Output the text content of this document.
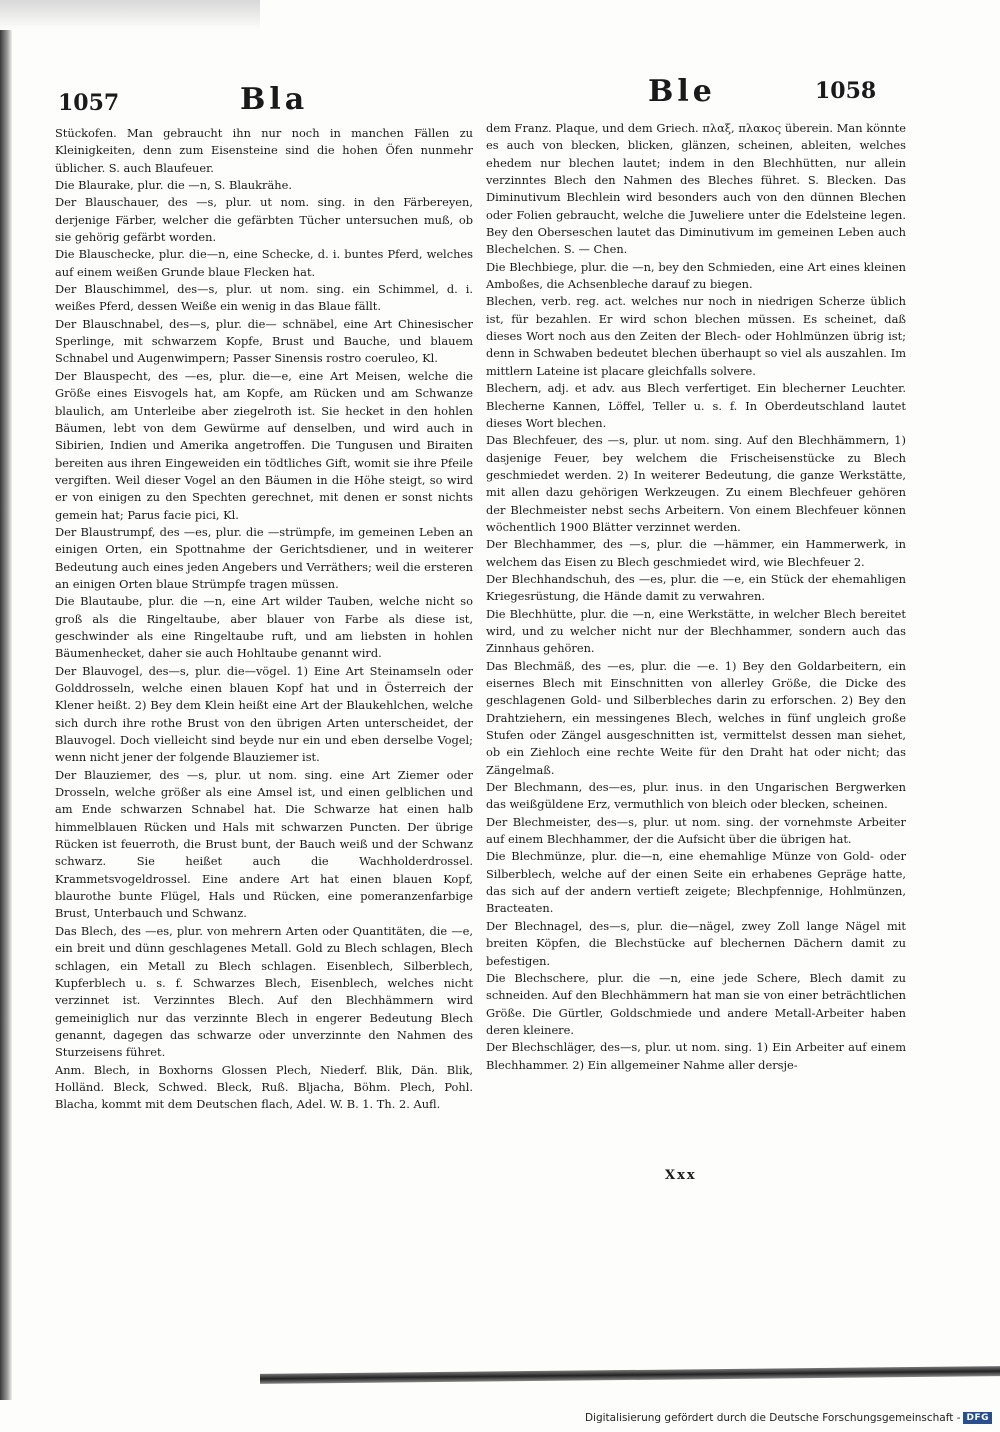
1057	Bla	Ble	1058

Stückofen. Man gebraucht ihn nur noch in manchen Fällen zu Kleinigkeiten, denn zum Eisensteine sind die hohen Öfen nunmehr üblicher. S. auch Blaufeuer.

Die Blaurake, plur. die —n, S. Blaukrähe.

Der Blauschauer, des —s, plur. ut nom. sing. in den Färbereyen, derjenige Färber, welcher die gefärbten Tücher untersuchen muß, ob sie gehörig gefärbt worden.

Die Blauschecke, plur. die—n, eine Schecke, d. i. buntes Pferd, welches auf einem weißen Grunde blaue Flecken hat.

Der Blauschimmel, des—s, plur. ut nom. sing. ein Schimmel, d. i. weißes Pferd, dessen Weiße ein wenig in das Blaue fällt.

Der Blauschnabel, des—s, plur. die— schnäbel, eine Art Chinesischer Sperlinge, mit schwarzem Kopfe, Brust und Bauche, und blauem Schnabel und Augenwimpern; Passer Sinensis rostro coeruleo, Kl.

Der Blauspecht, des —es, plur. die—e, eine Art Meisen, welche die Größe eines Eisvogels hat, am Kopfe, am Rücken und am Schwanze blaulich, am Unterleibe aber ziegelroth ist. Sie hecket in den hohlen Bäumen, lebt von dem Gewürme auf denselben, und wird auch in Sibirien, Indien und Amerika angetroffen. Die Tungusen und Biraiten bereiten aus ihren Eingeweiden ein tödtliches Gift, womit sie ihre Pfeile vergiften. Weil dieser Vogel an den Bäumen in die Höhe steigt, so wird er von einigen zu den Spechten gerechnet, mit denen er sonst nichts gemein hat; Parus facie pici, Kl.

Der Blaustrumpf, des —es, plur. die —strümpfe, im gemeinen Leben an einigen Orten, ein Spottnahme der Gerichtsdiener, und in weiterer Bedeutung auch eines jeden Angebers und Verräthers; weil die ersteren an einigen Orten blaue Strümpfe tragen müssen.

Die Blautaube, plur. die —n, eine Art wilder Tauben, welche nicht so groß als die Ringeltaube, aber blauer von Farbe als diese ist, geschwinder als eine Ringeltaube ruft, und am liebsten in hohlen Bäumenhecket, daher sie auch Hohltaube genannt wird.

Der Blauvogel, des—s, plur. die—vögel. 1) Eine Art Steinamseln oder Golddrosseln, welche einen blauen Kopf hat und in Österreich der Klener heißt. 2) Bey dem Klein heißt eine Art der Blaukehlchen, welche sich durch ihre rothe Brust von den übrigen Arten unterscheidet, der Blauvogel. Doch vielleicht sind beyde nur ein und eben derselbe Vogel; wenn nicht jener der folgende Blauziemer ist.

Der Blauziemer, des —s, plur. ut nom. sing. eine Art Ziemer oder Drosseln, welche größer als eine Amsel ist, und einen gelblichen und am Ende schwarzen Schnabel hat. Die Schwarze hat einen halb himmelblauen Rücken und Hals mit schwarzen Puncten. Der übrige Rücken ist feuerroth, die Brust bunt, der Bauch weiß und der Schwanz schwarz. Sie heißet auch die Wachholderdrossel. Krammetsvogeldrossel. Eine andere Art hat einen blauen Kopf, blaurothe bunte Flügel, Hals und Rücken, eine pomeranzenfarbige Brust, Unterbauch und Schwanz.

Das Blech, des —es, plur. von mehrern Arten oder Quantitäten, die —e, ein breit und dünn geschlagenes Metall. Gold zu Blech schlagen, Blech schlagen, ein Metall zu Blech schlagen. Eisenblech, Silberblech, Kupferblech u. s. f. Schwarzes Blech, Eisenblech, welches nicht verzinnet ist. Verzinntes Blech. Auf den Blechhämmern wird gemeiniglich nur das verzinnte Blech in engerer Bedeutung Blech genannt, dagegen das schwarze oder unverzinnte den Nahmen des Sturzeisens führet.

Anm. Blech, in Boxhorns Glossen Plech, Niederf. Blik, Dän. Blik, Holländ. Bleck, Schwed. Bleck, Ruß. Bljacha, Böhm. Plech, Pohl. Blacha, kommt mit dem Deutschen flach, Adel. W. B. 1. Th. 2. Aufl.

dem Franz. Plaque, und dem Griech. πλαξ, πλακος überein. Man könnte es auch von blecken, blicken, glänzen, scheinen, ableiten, welches ehedem nur blechen lautet; indem in den Blechhütten, nur allein verzinntes Blech den Nahmen des Bleches führet. S. Blecken. Das Diminutivum Blechlein wird besonders auch von den dünnen Blechen oder Folien gebraucht, welche die Juweliere unter die Edelsteine legen. Bey den Oberseschen lautet das Diminutivum im gemeinen Leben auch Blechelchen. S. — Chen.

Die Blechbiege, plur. die —n, bey den Schmieden, eine Art eines kleinen Amboßes, die Achsenbleche darauf zu biegen.

Blechen, verb. reg. act. welches nur noch in niedrigen Scherze üblich ist, für bezahlen. Er wird schon blechen müssen. Es scheinet, daß dieses Wort noch aus den Zeiten der Blech- oder Hohlmünzen übrig ist; denn in Schwaben bedeutet blechen überhaupt so viel als auszahlen. Im mittlern Lateine ist placare gleichfalls solvere.

Blechern, adj. et adv. aus Blech verfertiget. Ein blecherner Leuchter. Blecherne Kannen, Löffel, Teller u. s. f. In Oberdeutschland lautet dieses Wort blechen.

Das Blechfeuer, des —s, plur. ut nom. sing. Auf den Blechhämmern, 1) dasjenige Feuer, bey welchem die Frischeisenstücke zu Blech geschmiedet werden. 2) In weiterer Bedeutung, die ganze Werkstätte, mit allen dazu gehörigen Werkzeugen. Zu einem Blechfeuer gehören der Blechmeister nebst sechs Arbeitern. Von einem Blechfeuer können wöchentlich 1900 Blätter verzinnet werden.

Der Blechhammer, des —s, plur. die —hämmer, ein Hammerwerk, in welchem das Eisen zu Blech geschmiedet wird, wie Blechfeuer 2.

Der Blechhandschuh, des —es, plur. die —e, ein Stück der ehemahligen Kriegesrüstung, die Hände damit zu verwahren.

Die Blechhütte, plur. die —n, eine Werkstätte, in welcher Blech bereitet wird, und zu welcher nicht nur der Blechhammer, sondern auch das Zinnhaus gehören.

Das Blechmäß, des —es, plur. die —e. 1) Bey den Goldarbeitern, ein eisernes Blech mit Einschnitten von allerley Größe, die Dicke des geschlagenen Gold- und Silberbleches darin zu erforschen. 2) Bey den Drahtziehern, ein messingenes Blech, welches in fünf ungleich große Stufen oder Zängel ausgeschnitten ist, vermittelst dessen man siehet, ob ein Ziehloch eine rechte Weite für den Draht hat oder nicht; das Zängelmaß.

Der Blechmann, des—es, plur. inus. in den Ungarischen Bergwerken das weißgüldene Erz, vermuthlich von bleich oder blecken, scheinen.

Der Blechmeister, des—s, plur. ut nom. sing. der vornehmste Arbeiter auf einem Blechhammer, der die Aufsicht über die übrigen hat.

Die Blechmünze, plur. die—n, eine ehemahlige Münze von Gold- oder Silberblech, welche auf der einen Seite ein erhabenes Gepräge hatte, das sich auf der andern vertieft zeigete; Blechpfennige, Hohlmünzen, Bracteaten.

Der Blechnagel, des—s, plur. die—nägel, zwey Zoll lange Nägel mit breiten Köpfen, die Blechstücke auf blechernen Dächern damit zu befestigen.

Die Blechschere, plur. die —n, eine jede Schere, Blech damit zu schneiden. Auf den Blechhämmern hat man sie von einer beträchtlichen Größe. Die Gürtler, Goldschmiede und andere Metall-Arbeiter haben deren kleinere.

Der Blechschläger, des—s, plur. ut nom. sing. 1) Ein Arbeiter auf einem Blechhammer. 2) Ein allgemeiner Nahme aller dersje-

Xxx
Digitalisierung gefördert durch die Deutsche Forschungsgemeinschaft - DFG
